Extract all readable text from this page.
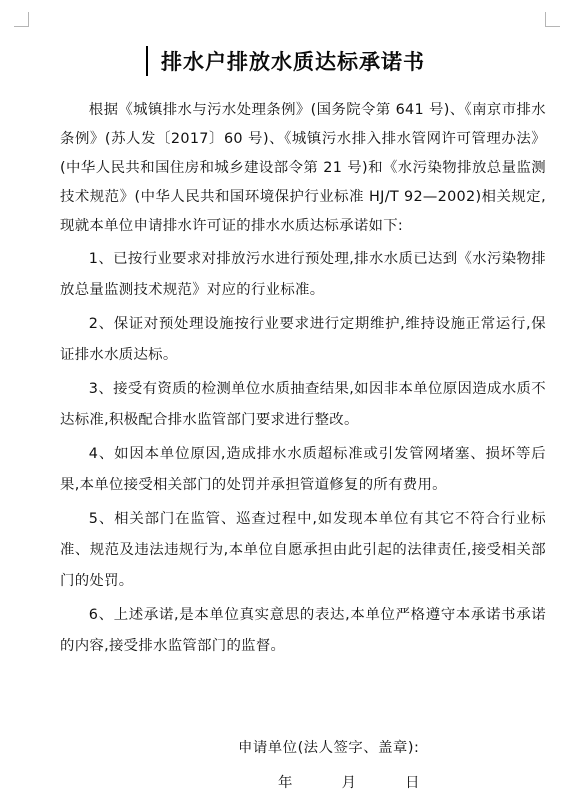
排水户排放水质达标承诺书

根据《城镇排水与污水处理条例》(国务院令第 641 号)、《南京市排水条例》(苏人发〔2017〕60 号)、《城镇污水排入排水管网许可管理办法》(中华人民共和国住房和城乡建设部令第 21 号)和《水污染物排放总量监测技术规范》(中华人民共和国环境保护行业标准 HJ/T 92—2002)相关规定,现就本单位申请排水许可证的排水水质达标承诺如下:

1、已按行业要求对排放污水进行预处理,排水水质已达到《水污染物排放总量监测技术规范》对应的行业标准。

2、保证对预处理设施按行业要求进行定期维护,维持设施正常运行,保证排水水质达标。

3、接受有资质的检测单位水质抽查结果,如因非本单位原因造成水质不达标准,积极配合排水监管部门要求进行整改。

4、如因本单位原因,造成排水水质超标准或引发管网堵塞、损坏等后果,本单位接受相关部门的处罚并承担管道修复的所有费用。

5、相关部门在监管、巡查过程中,如发现本单位有其它不符合行业标准、规范及违法违规行为,本单位自愿承担由此引起的法律责任,接受相关部门的处罚。

6、上述承诺,是本单位真实意思的表达,本单位严格遵守本承诺书承诺的内容,接受排水监管部门的监督。

申请单位(法人签字、盖章):
年	月	日
